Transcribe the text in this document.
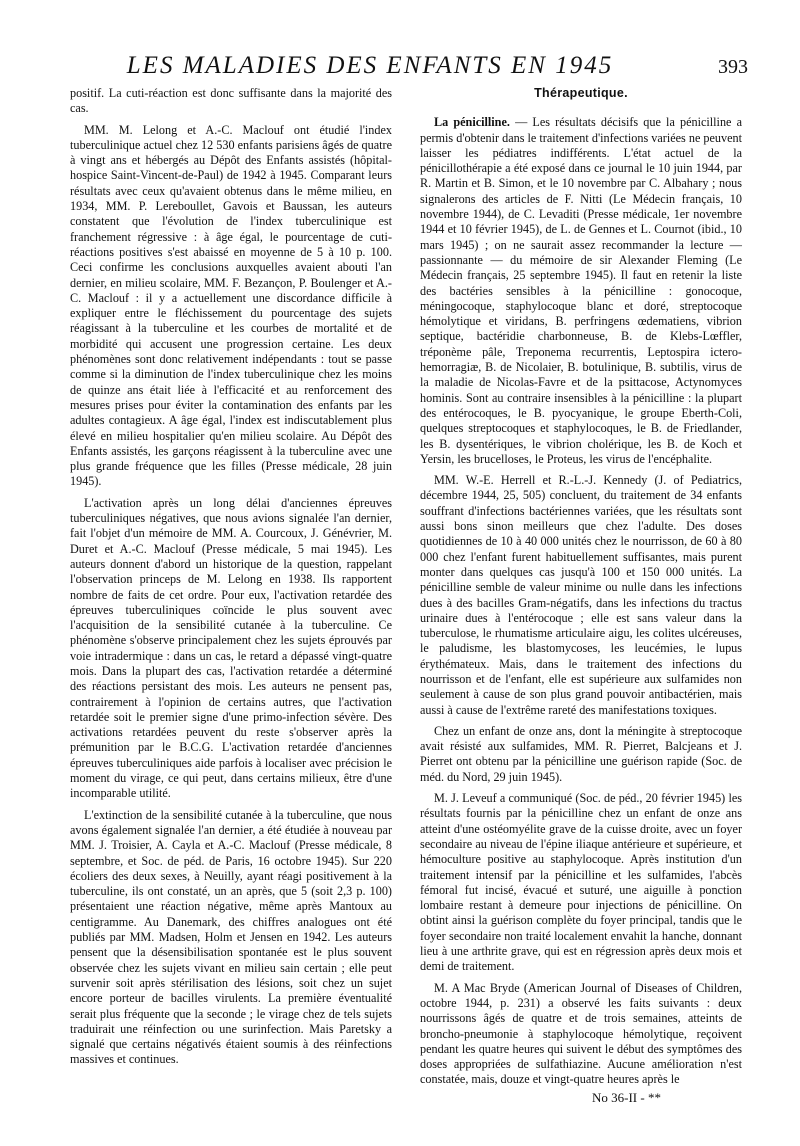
LES MALADIES DES ENFANTS EN 1945	393

positif. La cuti-réaction est donc suffisante dans la majorité des cas.

MM. M. Lelong et A.-C. Maclouf ont étudié l'index tuberculinique actuel chez 12 530 enfants parisiens âgés de quatre à vingt ans et hébergés au Dépôt des Enfants assistés (hôpital-hospice Saint-Vincent-de-Paul) de 1942 à 1945. Comparant leurs résultats avec ceux qu'avaient obtenus dans le même milieu, en 1934, MM. P. Lereboullet, Gavois et Baussan, les auteurs constatent que l'évolution de l'index tuberculinique est franchement régressive : à âge égal, le pourcentage de cuti-réactions positives s'est abaissé en moyenne de 5 à 10 p. 100. Ceci confirme les conclusions auxquelles avaient abouti l'an dernier, en milieu scolaire, MM. F. Bezançon, P. Boulenger et A.-C. Maclouf : il y a actuellement une discordance difficile à expliquer entre le fléchissement du pourcentage des sujets réagissant à la tuberculine et les courbes de mortalité et de morbidité qui accusent une progression certaine. Les deux phénomènes sont donc relativement indépendants : tout se passe comme si la diminution de l'index tuberculinique chez les moins de quinze ans était liée à l'efficacité et au renforcement des mesures prises pour éviter la contamination des enfants par les adultes contagieux. A âge égal, l'index est indiscutablement plus élevé en milieu hospitalier qu'en milieu scolaire. Au Dépôt des Enfants assistés, les garçons réagissent à la tuberculine avec une plus grande fréquence que les filles (Presse médicale, 28 juin 1945).

L'activation après un long délai d'anciennes épreuves tuberculiniques négatives, que nous avions signalée l'an dernier, fait l'objet d'un mémoire de MM. A. Courcoux, J. Génévrier, M. Duret et A.-C. Maclouf (Presse médicale, 5 mai 1945). Les auteurs donnent d'abord un historique de la question, rappelant l'observation princeps de M. Lelong en 1938. Ils rapportent nombre de faits de cet ordre. Pour eux, l'activation retardée des épreuves tuberculiniques coïncide le plus souvent avec l'acquisition de la sensibilité cutanée à la tuberculine. Ce phénomène s'observe principalement chez les sujets éprouvés par voie intradermique : dans un cas, le retard a dépassé vingt-quatre mois. Dans la plupart des cas, l'activation retardée a déterminé des réactions persistant des mois. Les auteurs ne pensent pas, contrairement à l'opinion de certains autres, que l'activation retardée soit le premier signe d'une primo-infection sévère. Des activations retardées peuvent du reste s'observer après la prémunition par le B.C.G. L'activation retardée d'anciennes épreuves tuberculiniques aide parfois à localiser avec précision le moment du virage, ce qui peut, dans certains milieux, être d'une incomparable utilité.

L'extinction de la sensibilité cutanée à la tuberculine, que nous avons également signalée l'an dernier, a été étudiée à nouveau par MM. J. Troisier, A. Cayla et A.-C. Maclouf (Presse médicale, 8 septembre, et Soc. de péd. de Paris, 16 octobre 1945). Sur 220 écoliers des deux sexes, à Neuilly, ayant réagi positivement à la tuberculine, ils ont constaté, un an après, que 5 (soit 2,3 p. 100) présentaient une réaction négative, même après Mantoux au centigramme. Au Danemark, des chiffres analogues ont été publiés par MM. Madsen, Holm et Jensen en 1942. Les auteurs pensent que la désensibilisation spontanée est le plus souvent observée chez les sujets vivant en milieu sain certain ; elle peut survenir soit après stérilisation des lésions, soit chez un sujet encore porteur de bacilles virulents. La première éventualité serait plus fréquente que la seconde ; le virage chez de tels sujets traduirait une réinfection ou une surinfection. Mais Paretsky a signalé que certains négativés étaient soumis à des réinfections massives et continues.

Thérapeutique.

La pénicilline. — Les résultats décisifs que la pénicilline a permis d'obtenir dans le traitement d'infections variées ne peuvent laisser les pédiatres indifférents. L'état actuel de la pénicillothérapie a été exposé dans ce journal le 10 juin 1944, par R. Martin et B. Simon, et le 10 novembre par C. Albahary ; nous signalerons des articles de F. Nitti (Le Médecin français, 10 novembre 1944), de C. Levaditi (Presse médicale, 1er novembre 1944 et 10 février 1945), de L. de Gennes et L. Cournot (ibid., 10 mars 1945) ; on ne saurait assez recommander la lecture — passionnante — du mémoire de sir Alexander Fleming (Le Médecin français, 25 septembre 1945). Il faut en retenir la liste des bactéries sensibles à la pénicilline : gonocoque, méningocoque, staphylocoque blanc et doré, streptocoque hémolytique et viridans, B. perfringens œdematiens, vibrion septique, bactéridie charbonneuse, B. de Klebs-Lœffler, tréponème pâle, Treponema recurrentis, Leptospira ictero-hemorragiæ, B. de Nicolaier, B. botulinique, B. subtilis, virus de la maladie de Nicolas-Favre et de la psittacose, Actynomyces hominis. Sont au contraire insensibles à la pénicilline : la plupart des entérocoques, le B. pyocyanique, le groupe Eberth-Coli, quelques streptocoques et staphylocoques, le B. de Friedlander, les B. dysentériques, le vibrion cholérique, les B. de Koch et Yersin, les brucelloses, le Proteus, les virus de l'encéphalite.

MM. W.-E. Herrell et R.-L.-J. Kennedy (J. of Pediatrics, décembre 1944, 25, 505) concluent, du traitement de 34 enfants souffrant d'infections bactériennes variées, que les résultats sont aussi bons sinon meilleurs que chez l'adulte. Des doses quotidiennes de 10 à 40 000 unités chez le nourrisson, de 60 à 80 000 chez l'enfant furent habituellement suffisantes, mais purent monter dans quelques cas jusqu'à 100 et 150 000 unités. La pénicilline semble de valeur minime ou nulle dans les infections dues à des bacilles Gram-négatifs, dans les infections du tractus urinaire dues à l'entérocoque ; elle est sans valeur dans la tuberculose, le rhumatisme articulaire aigu, les colites ulcéreuses, le paludisme, les blastomycoses, les leucémies, le lupus érythémateux. Mais, dans le traitement des infections du nourrisson et de l'enfant, elle est supérieure aux sulfamides non seulement à cause de son plus grand pouvoir antibactérien, mais aussi à cause de l'extrême rareté des manifestations toxiques.

Chez un enfant de onze ans, dont la méningite à streptocoque avait résisté aux sulfamides, MM. R. Pierret, Balcjeans et J. Pierret ont obtenu par la pénicilline une guérison rapide (Soc. de méd. du Nord, 29 juin 1945).

M. J. Leveuf a communiqué (Soc. de péd., 20 février 1945) les résultats fournis par la pénicilline chez un enfant de onze ans atteint d'une ostéomyélite grave de la cuisse droite, avec un foyer secondaire au niveau de l'épine iliaque antérieure et supérieure, et hémoculture positive au staphylocoque. Après institution d'un traitement intensif par la pénicilline et les sulfamides, l'abcès fémoral fut incisé, évacué et suturé, une aiguille à ponction lombaire restant à demeure pour injections de pénicilline. On obtint ainsi la guérison complète du foyer principal, tandis que le foyer secondaire non traité localement envahit la hanche, donnant lieu à une arthrite grave, qui est en régression après deux mois et demi de traitement.

M. A Mac Bryde (American Journal of Diseases of Children, octobre 1944, p. 231) a observé les faits suivants : deux nourrissons âgés de quatre et de trois semaines, atteints de broncho-pneumonie à staphylocoque hémolytique, reçoivent pendant les quatre heures qui suivent le début des symptômes des doses appropriées de sulfathiazine. Aucune amélioration n'est constatée, mais, douze et vingt-quatre heures après le

No 36-II - **
